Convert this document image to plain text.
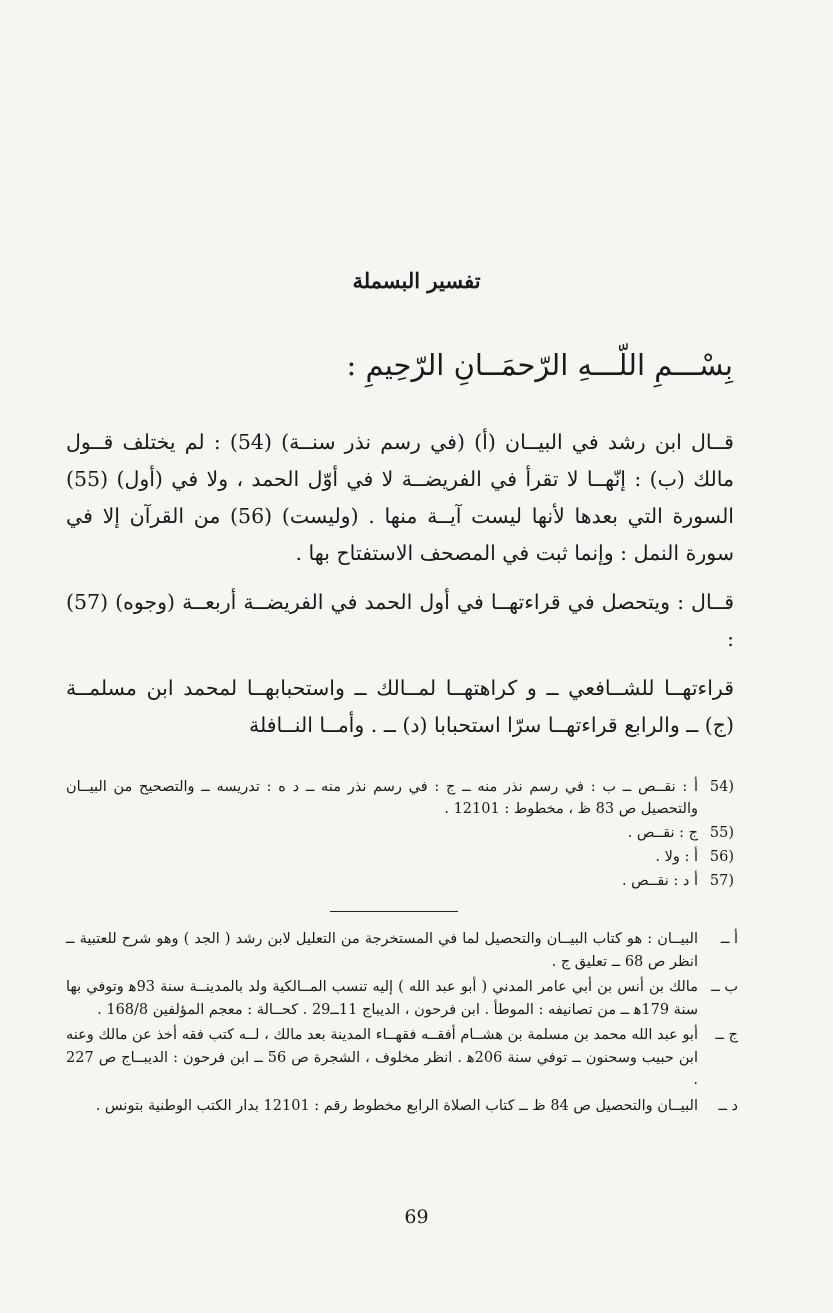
تفسير البسملة
بِسْـــمِ اللّـــهِ الرّحمَــانِ الرّحِيمِ :

قــال ابن رشد في البيــان (أ) (في رسم نذر سنــة) (54) : لم يختلف قــول مالك (ب) : إنّهــا لا تقرأ في الفريضــة لا في أوّل الحمد ، ولا في (أول) (55) السورة التي بعدها لأنها ليست آيــة منها . (وليست) (56) من القرآن إلا في سورة النمل : وإنما ثبت في المصحف الاستفتاح بها .

قــال : ويتحصل في قراءتهــا في أول الحمد في الفريضــة أربعــة (وجوه) (57) :

قراءتهــا للشــافعي ــ و كراهتهــا لمــالك ــ واستحبابهــا لمحمد ابن مسلمــة (ج) ــ والرابع قراءتهــا سرّا استحبابا (د) ــ . وأمــا النــافلة

(54
أ : نقــص ــ ب : في رسم نذر منه ــ ج : في رسم نذر منه ــ د ه : تدريسه ــ والتصحيح من البيــان والتحصيل ص 83 ظ ، مخطوط : 12101 .
(55
ج : نقــص .
(56
أ : ولا .
(57
أ د : نقــص .
أ ــ
البيــان : هو كتاب البيــان والتحصيل لما في المستخرجة من التعليل لابن رشد ( الجد ) وهو شرح للعتبية ــ انظر ص 68 ــ تعليق ج .
ب ــ
مالك بن أنس بن أبي عامر المدني ( أبو عبد الله ) إليه تنسب المــالكية ولد بالمدينــة سنة 93ﻫ وتوفي بها سنة 179ﻫ ــ من تصانيفه : الموطأ . ابن فرحون ، الديباج 11ــ29 . كحــالة : معجم المؤلفين 168/8 .
ج ــ
أبو عبد الله محمد بن مسلمة بن هشــام أفقــه فقهــاء المدينة بعد مالك ، لــه كتب فقه أخذ عن مالك وعنه ابن حبيب وسحنون ــ توفي سنة 206ﻫ . انظر مخلوف ، الشجرة ص 56 ــ ابن فرحون : الديبــاج ص 227 .
د ــ
البيــان والتحصيل ص 84 ظ ــ كتاب الصلاة الرابع مخطوط رقم : 12101 بدار الكتب الوطنية بتونس .
69
